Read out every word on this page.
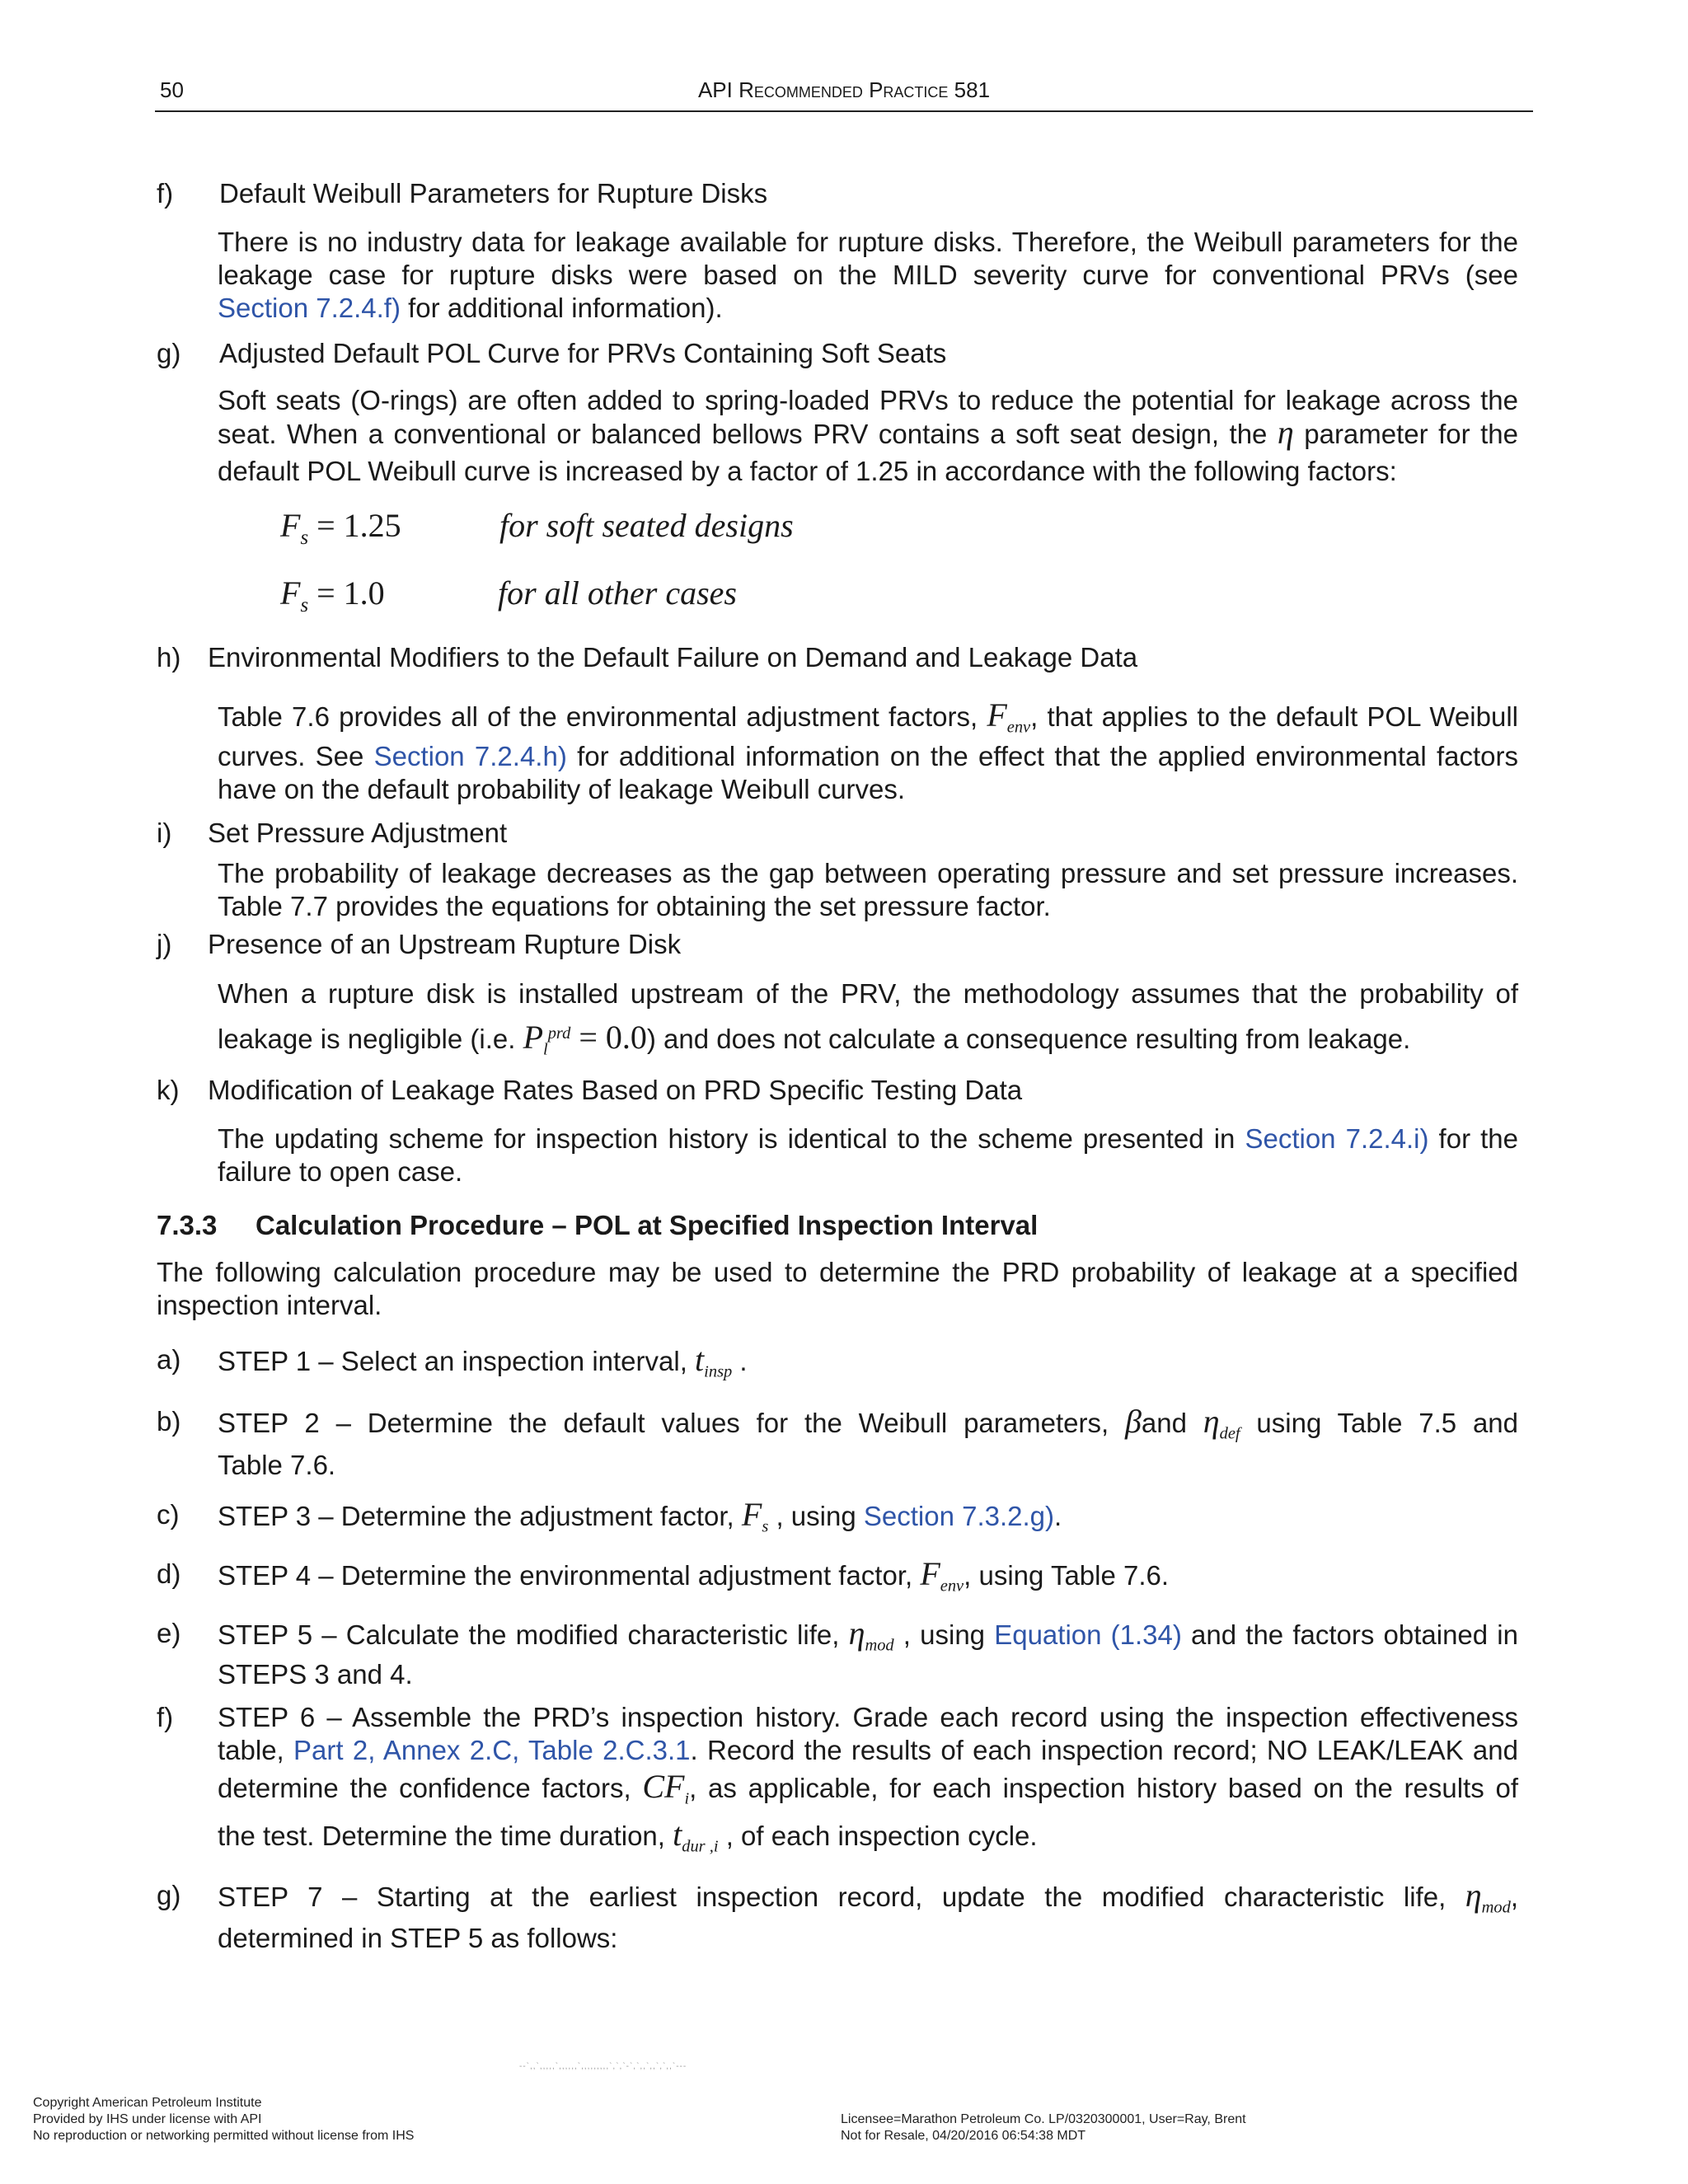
50	API Recommended Practice 581
f) Default Weibull Parameters for Rupture Disks
There is no industry data for leakage available for rupture disks. Therefore, the Weibull parameters for the
leakage case for rupture disks were based on the MILD severity curve for conventional PRVs (see
Section 7.2.4.f) for additional information).
g) Adjusted Default POL Curve for PRVs Containing Soft Seats
Soft seats (O-rings) are often added to spring-loaded PRVs to reduce the potential for leakage across the
seat. When a conventional or balanced bellows PRV contains a soft seat design, the η parameter for the
default POL Weibull curve is increased by a factor of 1.25 in accordance with the following factors:
$F_s = 1.25$	for soft seated designs
$F_s = 1.0$	for all other cases
h) Environmental Modifiers to the Default Failure on Demand and Leakage Data
Table 7.6 provides all of the environmental adjustment factors, $F_{env}$, that applies to the default POL Weibull
curves. See Section 7.2.4.h) for additional information on the effect that the applied environmental factors
have on the default probability of leakage Weibull curves.
i) Set Pressure Adjustment
The probability of leakage decreases as the gap between operating pressure and set pressure increases.
Table 7.7 provides the equations for obtaining the set pressure factor.
j) Presence of an Upstream Rupture Disk
When a rupture disk is installed upstream of the PRV, the methodology assumes that the probability of
leakage is negligible (i.e. $P_l^{prd} = 0.0$) and does not calculate a consequence resulting from leakage.
k) Modification of Leakage Rates Based on PRD Specific Testing Data
The updating scheme for inspection history is identical to the scheme presented in Section 7.2.4.i) for the
failure to open case.
7.3.3 Calculation Procedure – POL at Specified Inspection Interval
The following calculation procedure may be used to determine the PRD probability of leakage at a specified
inspection interval.
a) STEP 1 – Select an inspection interval, $t_{insp}$ .
b) STEP 2 – Determine the default values for the Weibull parameters, βand $\eta_{def}$ using Table 7.5 and
Table 7.6.
c) STEP 3 – Determine the adjustment factor, $F_s$ , using Section 7.3.2.g).
d) STEP 4 – Determine the environmental adjustment factor, $F_{env}$, using Table 7.6.
e) STEP 5 – Calculate the modified characteristic life, $\eta_{mod}$ , using Equation (1.34) and the factors obtained in
STEPS 3 and 4.
f) STEP 6 – Assemble the PRD’s inspection history. Grade each record using the inspection effectiveness
table, Part 2, Annex 2.C, Table 2.C.3.1. Record the results of each inspection record; NO LEAK/LEAK and
determine the confidence factors, $CF_i$, as applicable, for each inspection history based on the results of
the test. Determine the time duration, $t_{dur ,i}$ , of each inspection cycle.
g) STEP 7 – Starting at the earliest inspection record, update the modified characteristic life, $\eta_{mod}$,
determined in STEP 5 as follows:
--`,,`,,,,,`,,,,,,`,,,,,,,,,`,`,`-`,`,,`,,`,`,,`---
Copyright American Petroleum Institute
Provided by IHS under license with API
No reproduction or networking permitted without license from IHS
Licensee=Marathon Petroleum Co. LP/0320300001, User=Ray, Brent
Not for Resale, 04/20/2016 06:54:38 MDT
